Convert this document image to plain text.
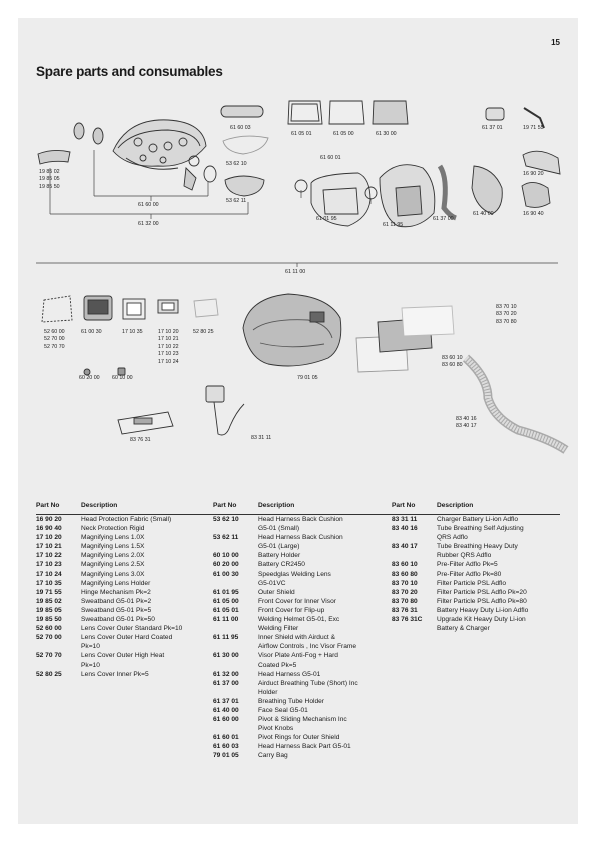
15
Spare parts and consumables
61 60 03
61 05 01	61 05 00	61 30 00
61 37 01	19 71 55
53 62 10
61 60 01
19 85 02
19 85 05
19 85 50
16 90 20
61 60 00
53 62 11
61 01 95
61 11 95
61 37 00
61 40 00	16 90 40
61 32 00
61 11 00
52 60 00
52 70 00
52 70 70
61 00 30	17 10 35	17 10 20
17 10 21
17 10 22
17 10 23
17 10 24
52 80 25
60 20 00 60 10 00	79 01 05
83 70 10
83 70 20
83 70 80
83 60 10
83 60 80
83 76 31	83 31 11
83 40 16
83 40 17
Part No	Description
16 90 20	Head Protection Fabric (Small)
16 90 40	Neck Protection Rigid
17 10 20	Magnifying Lens 1.0X
17 10 21	Magnifying Lens 1.5X
17 10 22	Magnifying Lens 2.0X
17 10 23	Magnifying Lens 2.5X
17 10 24	Magnifying Lens 3.0X
17 10 35	Magnifying Lens Holder
19 71 55	Hinge Mechanism Pk=2
19 85 02	Sweatband G5-01 Pk=2
19 85 05	Sweatband G5-01 Pk=5
19 85 50	Sweatband G5-01 Pk=50
52 60 00	Lens Cover Outer Standard Pk=10
52 70 00	Lens Cover Outer Hard Coated
Pk=10
52 70 70	Lens Cover Outer High Heat
Pk=10
52 80 25	Lens Cover Inner Pk=5
Part No	Description
53 62 10	Head Harness Back Cushion
G5-01 (Small)
53 62 11	Head Harness Back Cushion
G5-01 (Large)
60 10 00	Battery Holder
60 20 00	Battery CR2450
61 00 30	Speedglas Welding Lens
G5-01VC
61 01 95	Outer Shield
61 05 00	Front Cover for Inner Visor
61 05 01	Front Cover for Flip-up
61 11 00	Welding Helmet G5-01, Exc
Welding Filter
61 11 95	Inner Shield with Airduct &
Airflow Controls , Inc Visor Frame
61 30 00	Visor Plate Anti-Fog + Hard
Coated Pk=5
61 32 00	Head Harness G5-01
61 37 00	Airduct Breathing Tube (Short) Inc
Holder
61 37 01	Breathing Tube Holder
61 40 00	Face Seal G5-01
61 60 00	Pivot & Sliding Mechanism Inc
Pivot Knobs
61 60 01	Pivot Rings for Outer Shield
61 60 03	Head Harness Back Part G5-01
79 01 05	Carry Bag
Part No	Description
83 31 11	Charger Battery Li-ion Adflo
83 40 16	Tube Breathing Self Adjusting
QRS Adflo
83 40 17	Tube Breathing Heavy Duty
Rubber QRS Adflo
83 60 10	Pre-Filter Adflo Pk=5
83 60 80	Pre-Filter Adflo Pk=80
83 70 10	Filter Particle PSL Adflo
83 70 20	Filter Particle PSL Adflo Pk=20
83 70 80	Filter Particle PSL Adflo Pk=80
83 76 31	Battery Heavy Duty Li-ion Adflo
83 76 31C	Upgrade Kit Heavy Duty Li-ion
Battery & Charger
